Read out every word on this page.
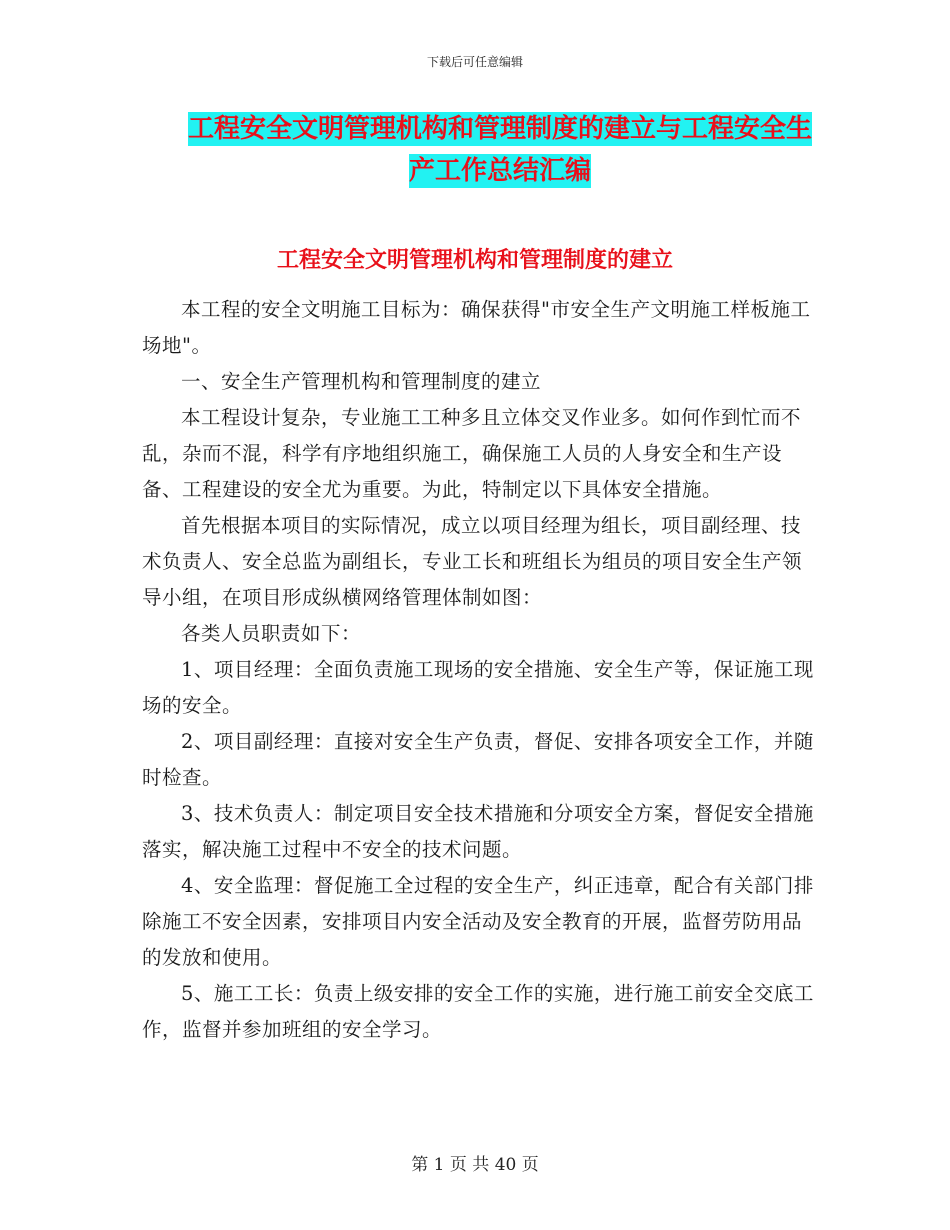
下载后可任意编辑
工程安全文明管理机构和管理制度的建立与工程安全生产工作总结汇编
工程安全文明管理机构和管理制度的建立

本工程的安全文明施工目标为：确保获得"市安全生产文明施工样板施工场地"。

一、安全生产管理机构和管理制度的建立

本工程设计复杂，专业施工工种多且立体交叉作业多。如何作到忙而不乱，杂而不混，科学有序地组织施工，确保施工人员的人身安全和生产设备、工程建设的安全尤为重要。为此，特制定以下具体安全措施。

首先根据本项目的实际情况，成立以项目经理为组长，项目副经理、技术负责人、安全总监为副组长，专业工长和班组长为组员的项目安全生产领导小组，在项目形成纵横网络管理体制如图：

各类人员职责如下：

1、项目经理：全面负责施工现场的安全措施、安全生产等，保证施工现场的安全。

2、项目副经理：直接对安全生产负责，督促、安排各项安全工作，并随时检查。

3、技术负责人：制定项目安全技术措施和分项安全方案，督促安全措施落实，解决施工过程中不安全的技术问题。

4、安全监理：督促施工全过程的安全生产，纠正违章，配合有关部门排除施工不安全因素，安排项目内安全活动及安全教育的开展，监督劳防用品的发放和使用。

5、施工工长：负责上级安排的安全工作的实施，进行施工前安全交底工作，监督并参加班组的安全学习。

第 1 页 共 40 页
